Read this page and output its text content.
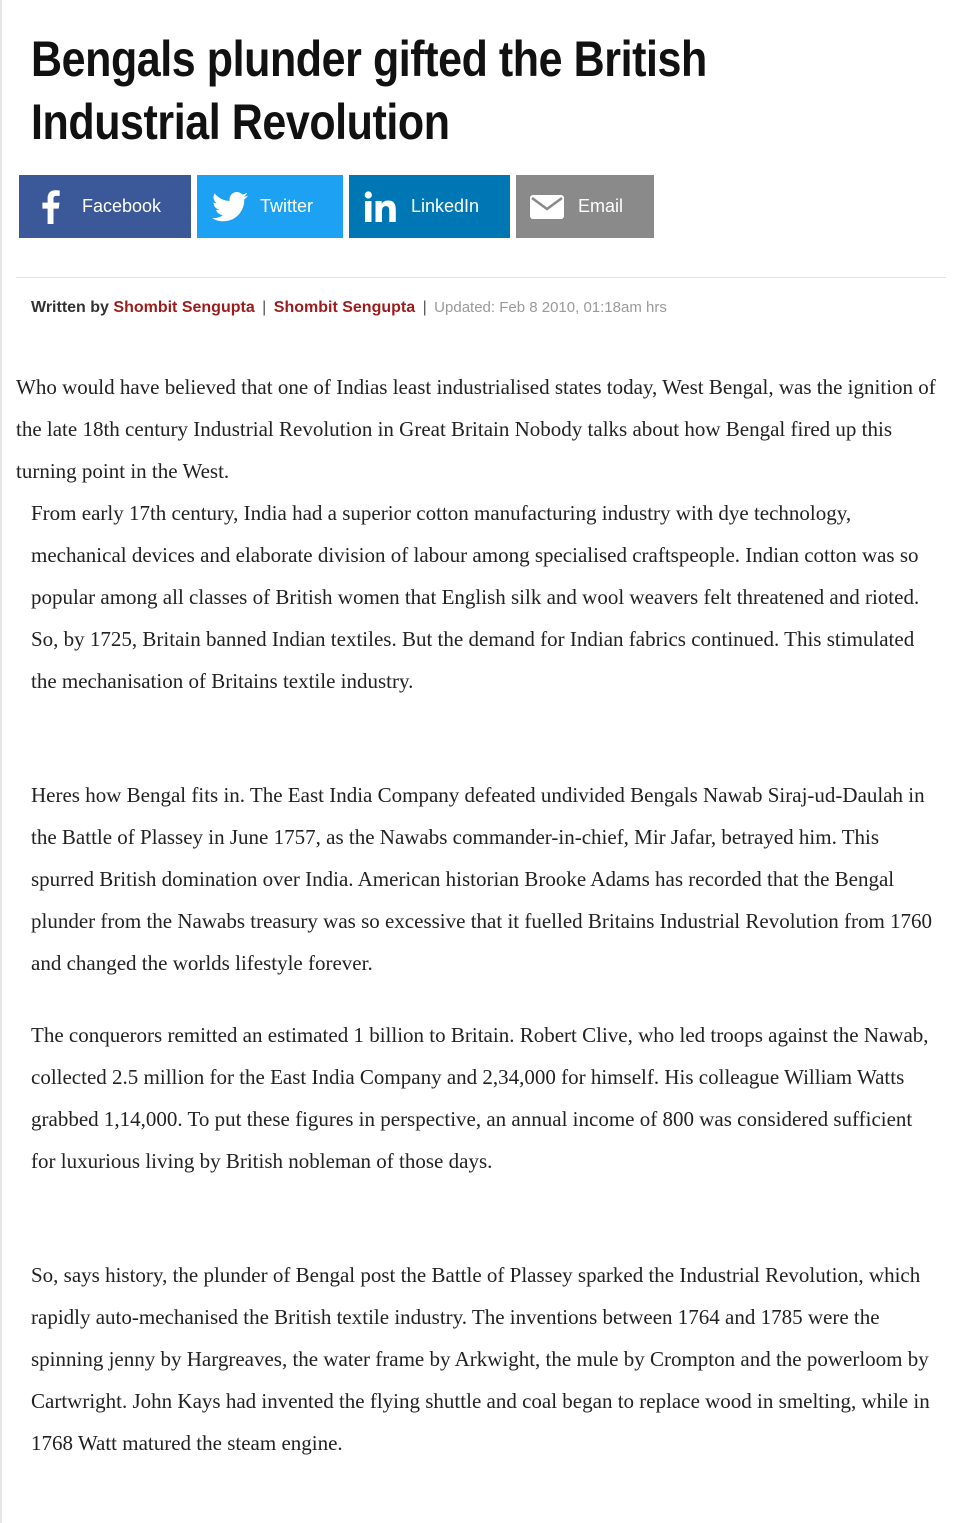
Bengals plunder gifted the British Industrial Revolution
Facebook	Twitter	LinkedIn	Email
Written by Shombit Sengupta | Shombit Sengupta | Updated: Feb 8 2010, 01:18am hrs

Who would have believed that one of Indias least industrialised states today, West Bengal, was the ignition of the late 18th century Industrial Revolution in Great Britain Nobody talks about how Bengal fired up this turning point in the West.

From early 17th century, India had a superior cotton manufacturing industry with dye technology, mechanical devices and elaborate division of labour among specialised craftspeople. Indian cotton was so popular among all classes of British women that English silk and wool weavers felt threatened and rioted. So, by 1725, Britain banned Indian textiles. But the demand for Indian fabrics continued. This stimulated the mechanisation of Britains textile industry.

Heres how Bengal fits in. The East India Company defeated undivided Bengals Nawab Siraj-ud-Daulah in the Battle of Plassey in June 1757, as the Nawabs commander-in-chief, Mir Jafar, betrayed him. This spurred British domination over India. American historian Brooke Adams has recorded that the Bengal plunder from the Nawabs treasury was so excessive that it fuelled Britains Industrial Revolution from 1760 and changed the worlds lifestyle forever.

The conquerors remitted an estimated 1 billion to Britain. Robert Clive, who led troops against the Nawab, collected 2.5 million for the East India Company and 2,34,000 for himself. His colleague William Watts grabbed 1,14,000. To put these figures in perspective, an annual income of 800 was considered sufficient for luxurious living by British nobleman of those days.

So, says history, the plunder of Bengal post the Battle of Plassey sparked the Industrial Revolution, which rapidly auto-mechanised the British textile industry. The inventions between 1764 and 1785 were the spinning jenny by Hargreaves, the water frame by Arkwight, the mule by Crompton and the powerloom by Cartwright. John Kays had invented the flying shuttle and coal began to replace wood in smelting, while in 1768 Watt matured the steam engine.
